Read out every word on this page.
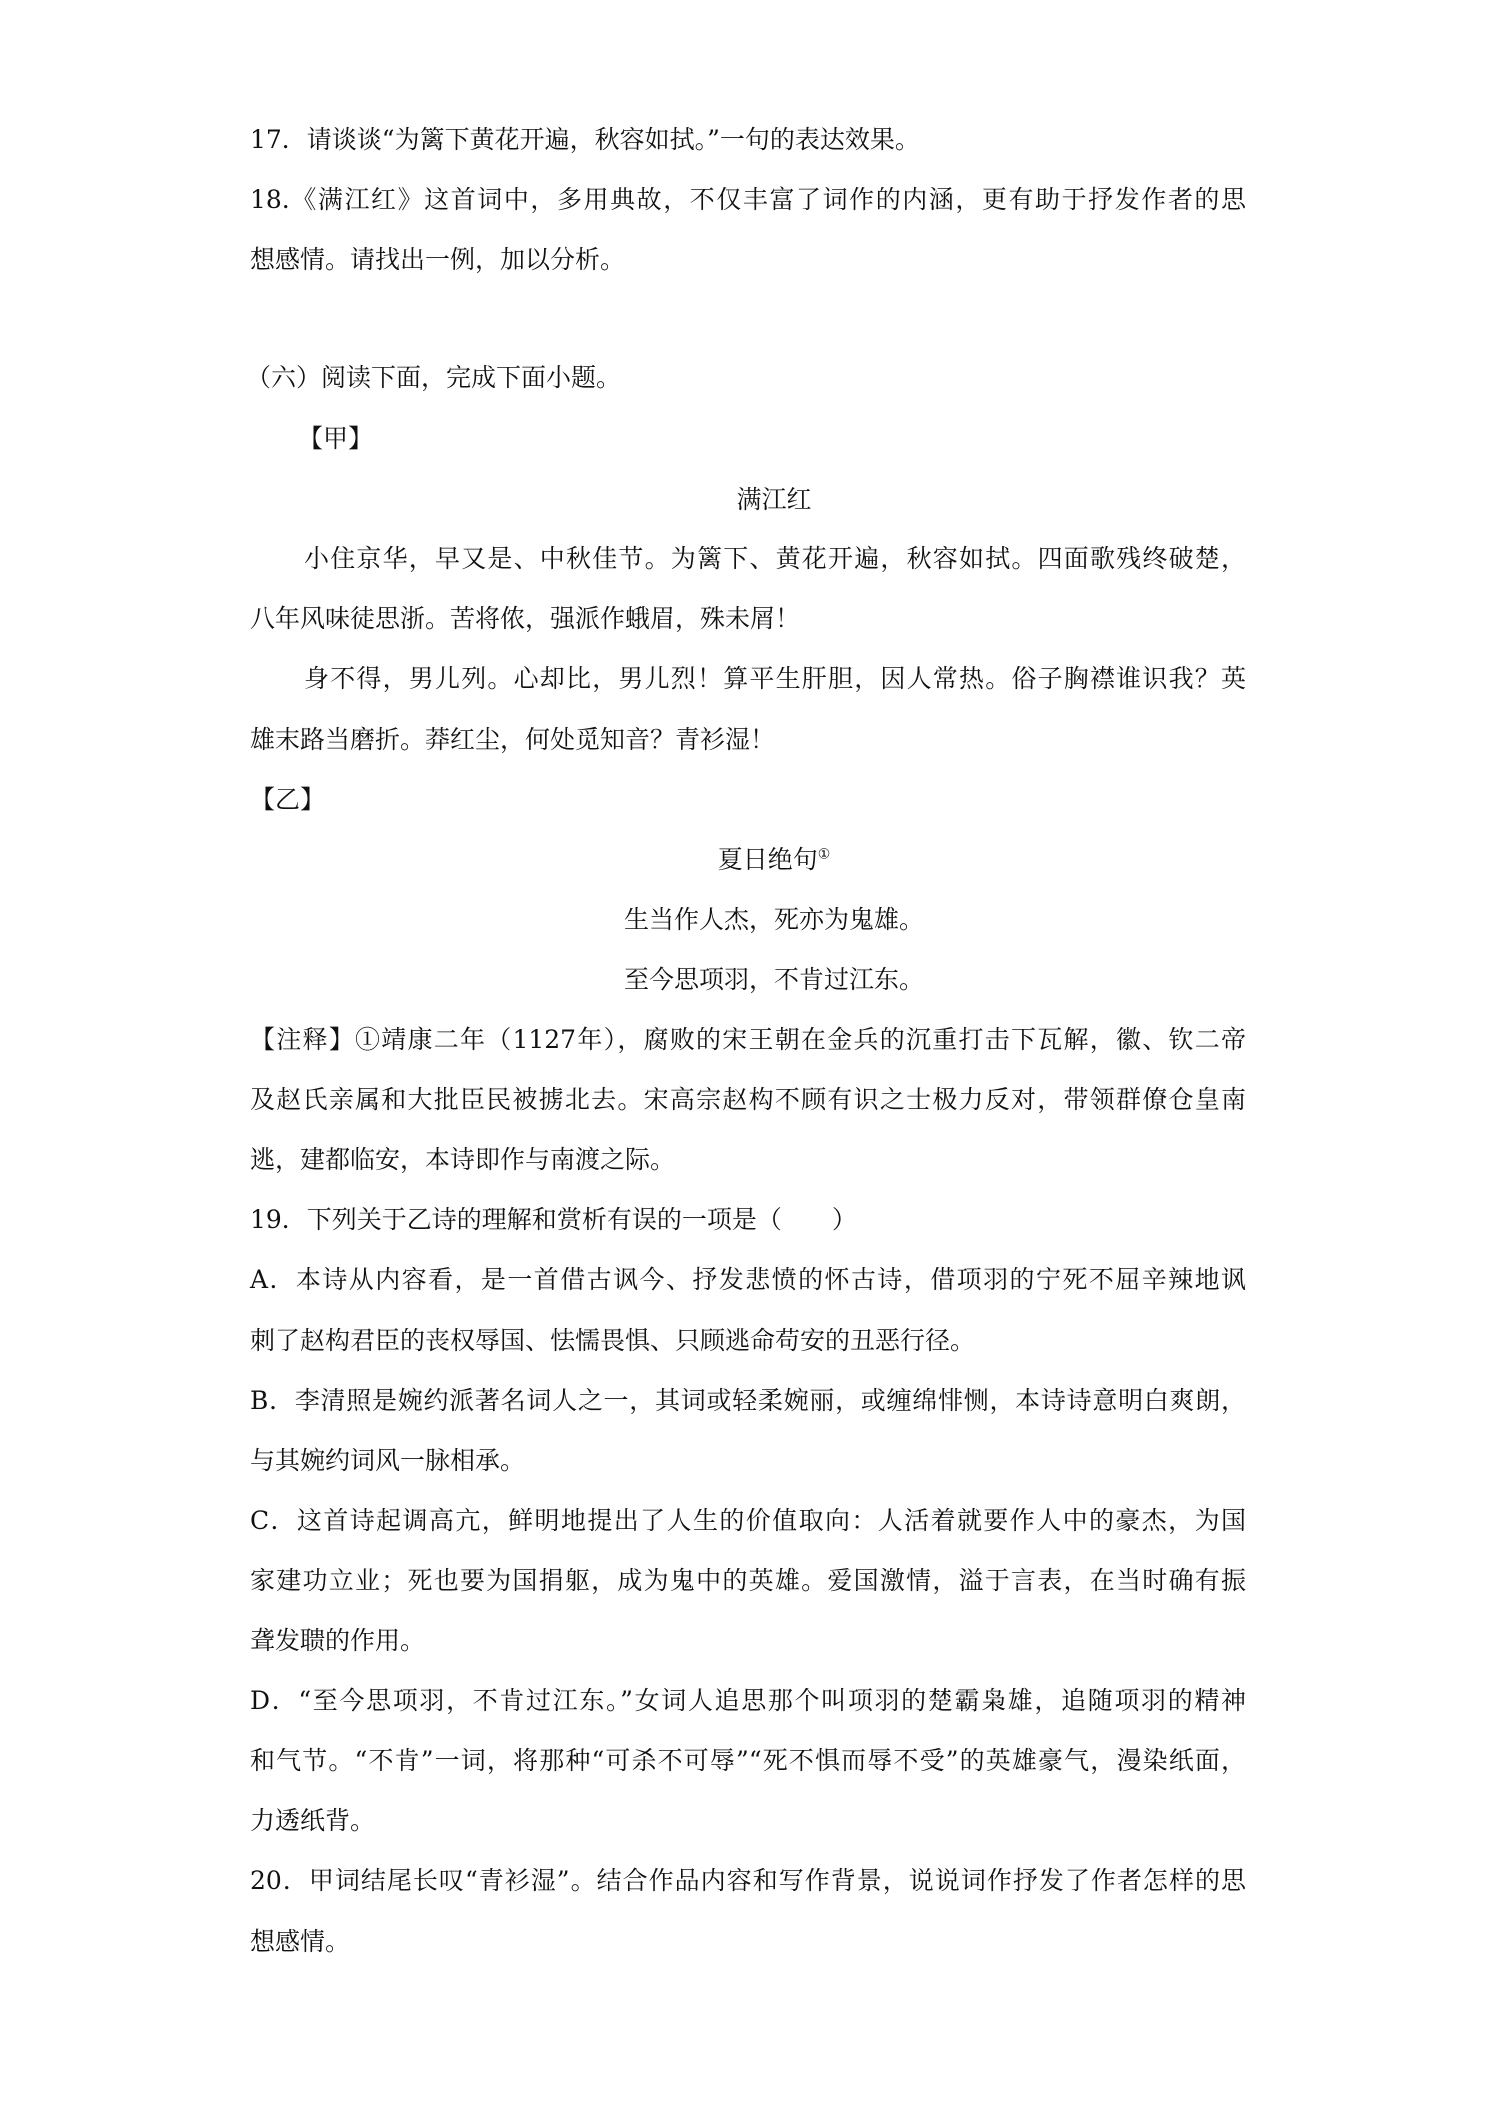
17．请谈谈“为篱下黄花开遍，秋容如拭。”一句的表达效果。
18.《满江红》这首词中，多用典故，不仅丰富了词作的内涵，更有助于抒发作者的思
想感情。请找出一例，加以分析。
（六）阅读下面，完成下面小题。
【甲】
满江红
小住京华，早又是、中秋佳节。为篱下、黄花开遍，秋容如拭。四面歌残终破楚，
八年风味徒思浙。苦将侬，强派作蛾眉，殊未屑！
身不得，男儿列。心却比，男儿烈！算平生肝胆，因人常热。俗子胸襟谁识我？英
雄末路当磨折。莽红尘，何处觅知音？青衫湿！
【乙】
夏日绝句①
生当作人杰，死亦为鬼雄。
至今思项羽，不肯过江东。
【注释】①靖康二年（1127年），腐败的宋王朝在金兵的沉重打击下瓦解，徽、钦二帝
及赵氏亲属和大批臣民被掳北去。宋高宗赵构不顾有识之士极力反对，带领群僚仓皇南
逃，建都临安，本诗即作与南渡之际。
19．下列关于乙诗的理解和赏析有误的一项是（　　）
A．本诗从内容看，是一首借古讽今、抒发悲愤的怀古诗，借项羽的宁死不屈辛辣地讽
刺了赵构君臣的丧权辱国、怯懦畏惧、只顾逃命苟安的丑恶行径。
B．李清照是婉约派著名词人之一，其词或轻柔婉丽，或缠绵悱恻，本诗诗意明白爽朗，
与其婉约词风一脉相承。
C．这首诗起调高亢，鲜明地提出了人生的价值取向：人活着就要作人中的豪杰，为国
家建功立业；死也要为国捐躯，成为鬼中的英雄。爱国激情，溢于言表，在当时确有振
聋发聩的作用。
D．“至今思项羽，不肯过江东。”女词人追思那个叫项羽的楚霸枭雄，追随项羽的精神
和气节。“不肯”一词，将那种“可杀不可辱”“死不惧而辱不受”的英雄豪气，漫染纸面，
力透纸背。
20．甲词结尾长叹“青衫湿”。结合作品内容和写作背景，说说词作抒发了作者怎样的思
想感情。
